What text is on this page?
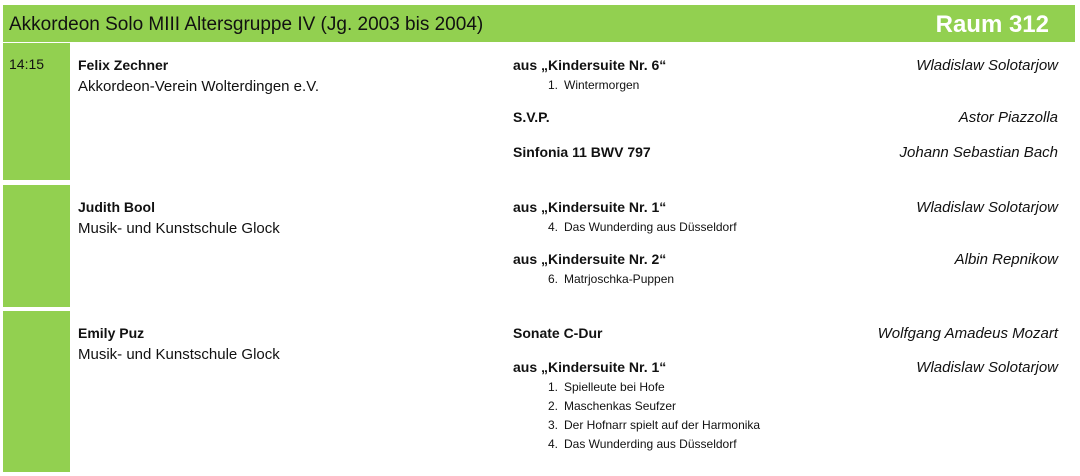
Akkordeon Solo MIII Altersgruppe IV (Jg. 2003 bis 2004)	Raum 312
14:15 Felix Zechner
Akkordeon-Verein Wolterdingen e.V.
aus „Kindersuite Nr. 6“	Wladislaw Solotarjow
1. Wintermorgen
S.V.P.	Astor Piazzolla
Sinfonia 11 BWV 797	Johann Sebastian Bach
Judith Bool
Musik- und Kunstschule Glock
aus „Kindersuite Nr. 1“	Wladislaw Solotarjow
4. Das Wunderding aus Düsseldorf
aus „Kindersuite Nr. 2“	Albin Repnikow
6. Matrjoschka-Puppen
Emily Puz
Musik- und Kunstschule Glock
Sonate C-Dur	Wolfgang Amadeus Mozart
aus „Kindersuite Nr. 1“	Wladislaw Solotarjow
1. Spielleute bei Hofe
2. Maschenkas Seufzer
3. Der Hofnarr spielt auf der Harmonika
4. Das Wunderding aus Düsseldorf
